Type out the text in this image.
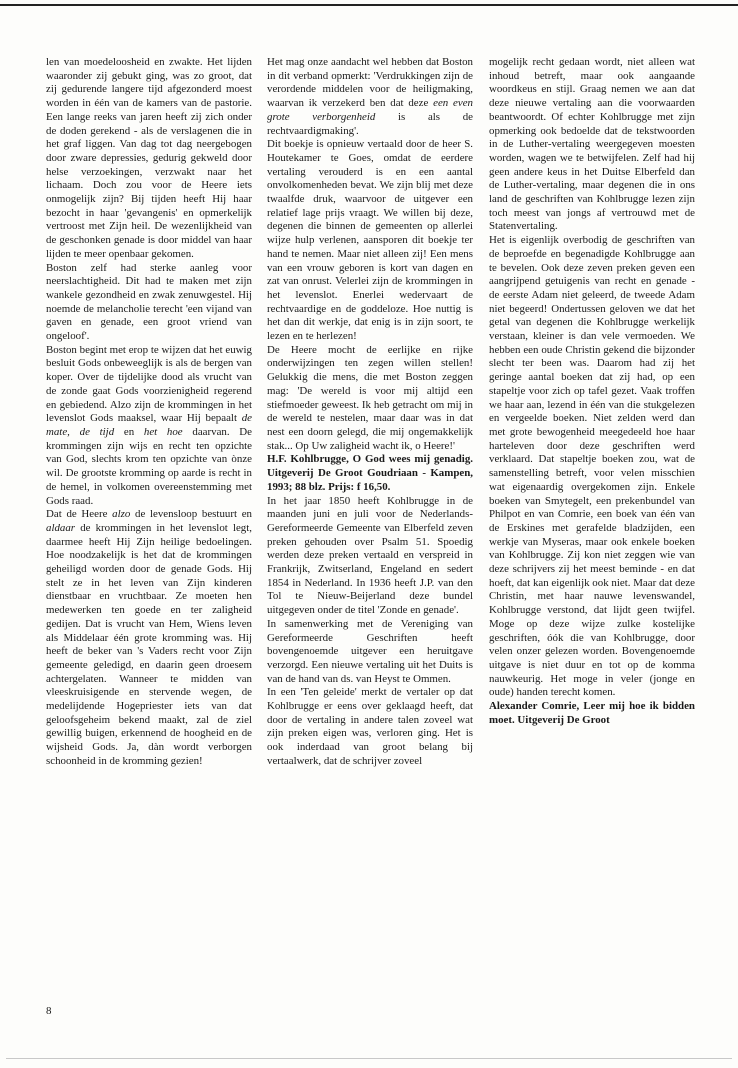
len van moedeloosheid en zwakte. Het lijden waaronder zij gebukt ging, was zo groot, dat zij gedurende langere tijd afgezonderd moest worden in één van de kamers van de pastorie. Een lange reeks van jaren heeft zij zich onder de doden gerekend - als de verslagenen die in het graf liggen. Van dag tot dag neergebogen door zware depressies, gedurig gekweld door helse verzoekingen, verzwakt naar het lichaam. Doch zou voor de Heere iets onmogelijk zijn? Bij tijden heeft Hij haar bezocht in haar 'gevangenis' en opmerkelijk vertroost met Zijn heil. De wezenlijkheid van de geschonken genade is door middel van haar lijden te meer openbaar gekomen.

Boston zelf had sterke aanleg voor neerslachtigheid. Dit had te maken met zijn wankele gezondheid en zwak zenuwgestel. Hij noemde de melancholie terecht 'een vijand van gaven en genade, een groot vriend van ongeloof'.

Boston begint met erop te wijzen dat het euwig besluit Gods onbeweeglijk is als de bergen van koper. Over de tijdelijke dood als vrucht van de zonde gaat Gods voorzienigheid regerend en gebiedend. Alzo zijn de krommingen in het levenslot Gods maaksel, waar Hij bepaalt de mate, de tijd en het hoe daarvan. De krommingen zijn wijs en recht ten opzichte van God, slechts krom ten opzichte van ònze wil. De grootste kromming op aarde is recht in de hemel, in volkomen overeenstemming met Gods raad.

Dat de Heere alzo de levensloop bestuurt en aldaar de krommingen in het levenslot legt, daarmee heeft Hij Zijn heilige bedoelingen. Hoe noodzakelijk is het dat de krommingen geheiligd worden door de genade Gods. Hij stelt ze in het leven van Zijn kinderen dienstbaar en vruchtbaar. Ze moeten hen medewerken ten goede en ter zaligheid gedijen. Dat is vrucht van Hem, Wiens leven als Middelaar één grote kromming was. Hij heeft de beker van 's Vaders recht voor Zijn gemeente geledigd, en daarin geen droesem achtergelaten. Wanneer te midden van vleeskruisigende en stervende wegen, de medelijdende Hogepriester iets van dat geloofsgeheim bekend maakt, zal de ziel gewillig buigen, erkennend de hoogheid en de wijsheid Gods. Ja, dàn wordt verborgen schoonheid in de kromming gezien!

Het mag onze aandacht wel hebben dat Boston in dit verband opmerkt: 'Verdrukkingen zijn de verordende middelen voor de heiligmaking, waarvan ik verzekerd ben dat deze een even grote verborgenheid is als de rechtvaardigmaking'.

Dit boekje is opnieuw vertaald door de heer S. Houtekamer te Goes, omdat de eerdere vertaling verouderd is en een aantal onvolkomenheden bevat. We zijn blij met deze twaalfde druk, waarvoor de uitgever een relatief lage prijs vraagt. We willen bij deze, degenen die binnen de gemeenten op allerlei wijze hulp verlenen, aansporen dit boekje ter hand te nemen. Maar niet alleen zij! Een mens van een vrouw geboren is kort van dagen en zat van onrust. Velerlei zijn de krommingen in het levenslot. Enerlei wedervaart de rechtvaardige en de goddeloze. Hoe nuttig is het dan dit werkje, dat enig is in zijn soort, te lezen en te herlezen!

De Heere mocht de eerlijke en rijke onderwijzingen ten zegen willen stellen! Gelukkig die mens, die met Boston zeggen mag: 'De wereld is voor mij altijd een stiefmoeder geweest. Ik heb getracht om mij in de wereld te nestelen, maar daar was in dat nest een doorn gelegd, die mij ongemakkelijk stak... Op Uw zaligheid wacht ik, o Heere!'

H.F. Kohlbrugge, O God wees mij genadig. Uitgeverij De Groot Goudriaan - Kampen, 1993; 88 blz. Prijs: f 16,50.

In het jaar 1850 heeft Kohlbrugge in de maanden juni en juli voor de Nederlands-Gereformeerde Gemeente van Elberfeld zeven preken gehouden over Psalm 51. Spoedig werden deze preken vertaald en verspreid in Frankrijk, Zwitserland, Engeland en sedert 1854 in Nederland. In 1936 heeft J.P. van den Tol te Nieuw-Beijerland deze bundel uitgegeven onder de titel 'Zonde en genade'.

In samenwerking met de Vereniging van Gereformeerde Geschriften heeft bovengenoemde uitgever een heruitgave verzorgd. Een nieuwe vertaling uit het Duits is van de hand van ds. van Heyst te Ommen.

In een 'Ten geleide' merkt de vertaler op dat Kohlbrugge er eens over geklaagd heeft, dat door de vertaling in andere talen zoveel wat zijn preken eigen was, verloren ging. Het is ook inderdaad van groot belang bij vertaalwerk, dat de schrijver zoveel

mogelijk recht gedaan wordt, niet alleen wat inhoud betreft, maar ook aangaande woordkeus en stijl. Graag nemen we aan dat deze nieuwe vertaling aan die voorwaarden beantwoordt. Of echter Kohlbrugge met zijn opmerking ook bedoelde dat de tekstwoorden in de Luther-vertaling weergegeven moesten worden, wagen we te betwijfelen. Zelf had hij geen andere keus in het Duitse Elberfeld dan de Luther-vertaling, maar degenen die in ons land de geschriften van Kohlbrugge lezen zijn toch meest van jongs af vertrouwd met de Statenvertaling.

Het is eigenlijk overbodig de geschriften van de beproefde en begenadigde Kohlbrugge aan te bevelen. Ook deze zeven preken geven een aangrijpend getuigenis van recht en genade - de eerste Adam niet geleerd, de tweede Adam niet begeerd! Ondertussen geloven we dat het getal van degenen die Kohlbrugge werkelijk verstaan, kleiner is dan vele vermoeden. We hebben een oude Christin gekend die bijzonder slecht ter been was. Daarom had zij het geringe aantal boeken dat zij had, op een stapeltje voor zich op tafel gezet. Vaak troffen we haar aan, lezend in één van die stukgelezen en vergeelde boeken. Niet zelden werd dan met grote bewogenheid meegedeeld hoe haar harteleven door deze geschriften werd verklaard. Dat stapeltje boeken zou, wat de samenstelling betreft, voor velen misschien wat eigenaardig overgekomen zijn. Enkele boeken van Smytegelt, een prekenbundel van Philpot en van Comrie, een boek van één van de Erskines met gerafelde bladzijden, een werkje van Myseras, maar ook enkele boeken van Kohlbrugge. Zij kon niet zeggen wie van deze schrijvers zij het meest beminde - en dat hoeft, dat kan eigenlijk ook niet. Maar dat deze Christin, met haar nauwe levenswandel, Kohlbrugge verstond, dat lijdt geen twijfel. Moge op deze wijze zulke kostelijke geschriften, óók die van Kohlbrugge, door velen onzer gelezen worden. Bovengenoemde uitgave is niet duur en tot op de komma nauwkeurig. Het moge in veler (jonge en oude) handen terecht komen.

Alexander Comrie, Leer mij hoe ik bidden moet. Uitgeverij De Groot

8
